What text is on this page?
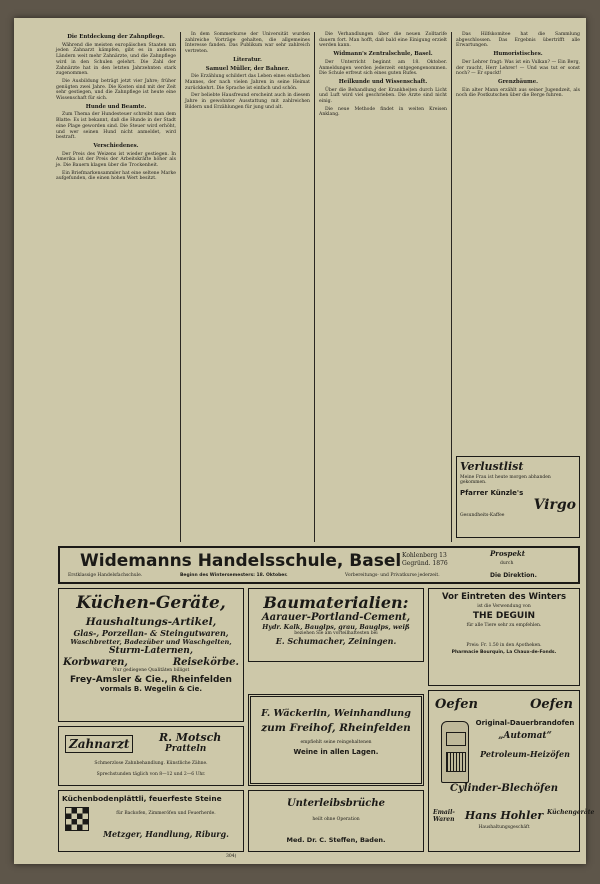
Die Entdeckung der Zahnpflege.

Während die meisten europäischen Staaten um jeden Zahnarzt kämpfen, gibt es in anderen Ländern weit mehr Zahnärzte, und die Zahnpflege wird in den Schulen gelehrt. Die Zahl der Zahnärzte hat in den letzten Jahrzehnten stark zugenommen.

Die Ausbildung beträgt jetzt vier Jahre; früher genügten zwei Jahre. Die Kosten sind mit der Zeit sehr gestiegen, und die Zahnpflege ist heute eine Wissenschaft für sich.

Hunde und Beamte.

Zum Thema der Hundesteuer schreibt man dem Blatte: Es ist bekannt, daß die Hunde in der Stadt eine Plage geworden sind. Die Steuer wird erhöht, und wer seinen Hund nicht anmeldet, wird bestraft.

Verschiedenes.

Der Preis des Weizens ist wieder gestiegen. In Amerika ist der Preis der Arbeitskräfte höher als je. Die Bauern klagen über die Trockenheit.

Ein Briefmarkensammler hat eine seltene Marke aufgefunden, die einen hohen Wert besitzt.

In dem Sommerkurse der Universität wurden zahlreiche Vorträge gehalten, die allgemeines Interesse fanden. Das Publikum war sehr zahlreich vertreten.

Literatur.
Samuel Müller, der Bahner.

Die Erzählung schildert das Leben eines einfachen Mannes, der nach vielen Jahren in seine Heimat zurückkehrt. Die Sprache ist einfach und schön.

Der beliebte Hausfreund erscheint auch in diesem Jahre in gewohnter Ausstattung mit zahlreichen Bildern und Erzählungen für jung und alt.

Die Verhandlungen über die neuen Zolltarife dauern fort. Man hofft, daß bald eine Einigung erzielt werden kann.

Widmann's Zentralschule, Basel.

Der Unterricht beginnt am 18. Oktober. Anmeldungen werden jederzeit entgegengenommen. Die Schule erfreut sich eines guten Rufes.

Heilkunde und Wissenschaft.

Über die Behandlung der Krankheiten durch Licht und Luft wird viel geschrieben. Die Ärzte sind nicht einig.

Die neue Methode findet in weiten Kreisen Anklang.

Das Hilfskomitee hat die Sammlung abgeschlossen. Das Ergebnis übertrifft alle Erwartungen.

Humoristisches.

Der Lehrer fragt: Was ist ein Vulkan? — Ein Berg, der raucht, Herr Lehrer! — Und was tut er sonst noch? — Er spuckt!

Grenzbäume.

Ein alter Mann erzählt aus seiner Jugendzeit, als noch die Postkutschen über die Berge fuhren.

Verlustlist
Meine Frau ist heute morgen abhanden gekommen.
Pfarrer Künzle's
Virgo
Gesundheits-Kaffee
Widemanns Handelsschule, Basel Kohlenberg 13
Gegründ. 1876
Prospekt
durch
Die Direktion.
Erstklassige Handelsfachschule.	Beginn des Wintersemesters: 18. Oktober.	Vorbereitungs- und Privatkurse jederzeit.
Küchen-Geräte,
Haushaltungs-Artikel,
Glas-, Porzellan- & Steingutwaren,
Waschbretter, Badezüber und Waschgelten,
Sturm-Laternen,
Korbwaren,	Reisekörbe.
Nur gediegene Qualitäten billigst
Frey-Amsler & Cie., Rheinfelden
vormals B. Wegelin & Cie.
Baumaterialien:
Aarauer-Portland-Cement,
Hydr. Kalk, Bauglps, grau, Bauglps, weiß
beziehen Sie am vorteilhaftesten bei
E. Schumacher, Zeiningen.
Vor Eintreten des Winters
ist die Verwendung von
THE DEGUIN
für alle Tiere sehr zu empfehlen.
Preis: Fr. 1.50 in den Apotheken.
Pharmacie Bourquin, La Chaux-de-Fonds.
Zahnarzt	R. Motsch
Pratteln
Schmerzlose Zahnbehandlung. Künstliche Zähne.
Sprechstunden täglich von 8—12 und 2—6 Uhr.
F. Wäckerlin, Weinhandlung
zum Freihof, Rheinfelden
empfiehlt seine reingehaltenen
Weine in allen Lagen.
Oefen	Oefen
Original-Dauerbrandofen
„Automat“
Petroleum-Heizöfen
Cylinder-Blechöfen
Email-Waren Hans Hohler
Haushaltungsgeschäft
Küchengeräte
Küchenbodenplättli, feuerfeste Steine
für Backofen, Zimmeröfen und Feuerherde.
Metzger, Handlung, Riburg.
Unterleibsbrüche
heilt ohne Operation
Med. Dr. C. Steffen, Baden.
304)
